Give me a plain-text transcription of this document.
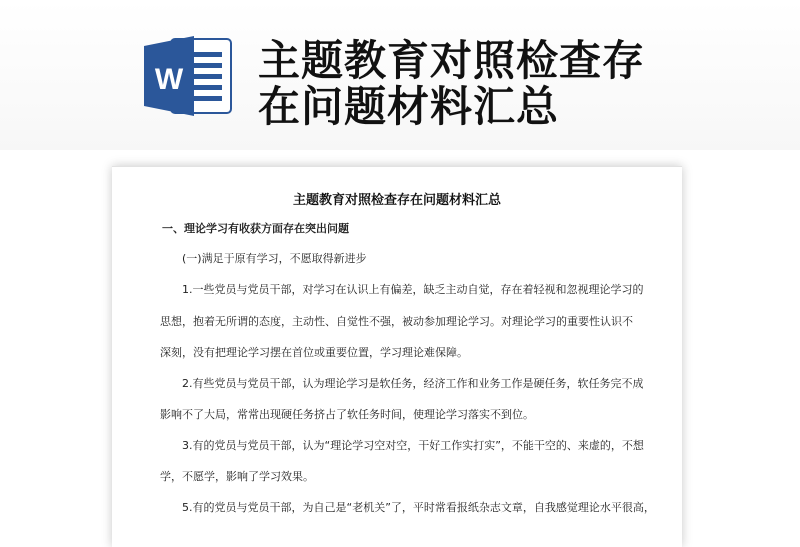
W 主题教育对照检查存
在问题材料汇总
主题教育对照检查存在问题材料汇总
一、理论学习有收获方面存在突出问题
(一)满足于原有学习，不愿取得新进步
1.一些党员与党员干部，对学习在认识上有偏差，缺乏主动自觉，存在着轻视和忽视理论学习的
思想，抱着无所谓的态度，主动性、自觉性不强，被动参加理论学习。对理论学习的重要性认识不
深刻，没有把理论学习摆在首位或重要位置，学习理论难保障。
2.有些党员与党员干部，认为理论学习是软任务，经济工作和业务工作是硬任务，软任务完不成
影响不了大局，常常出现硬任务挤占了软任务时间，使理论学习落实不到位。
3.有的党员与党员干部，认为“理论学习空对空，干好工作实打实”，不能干空的、来虚的，不想
学，不愿学，影响了学习效果。
5.有的党员与党员干部，为自己是“老机关”了，平时常看报纸杂志文章，自我感觉理论水平很高，
